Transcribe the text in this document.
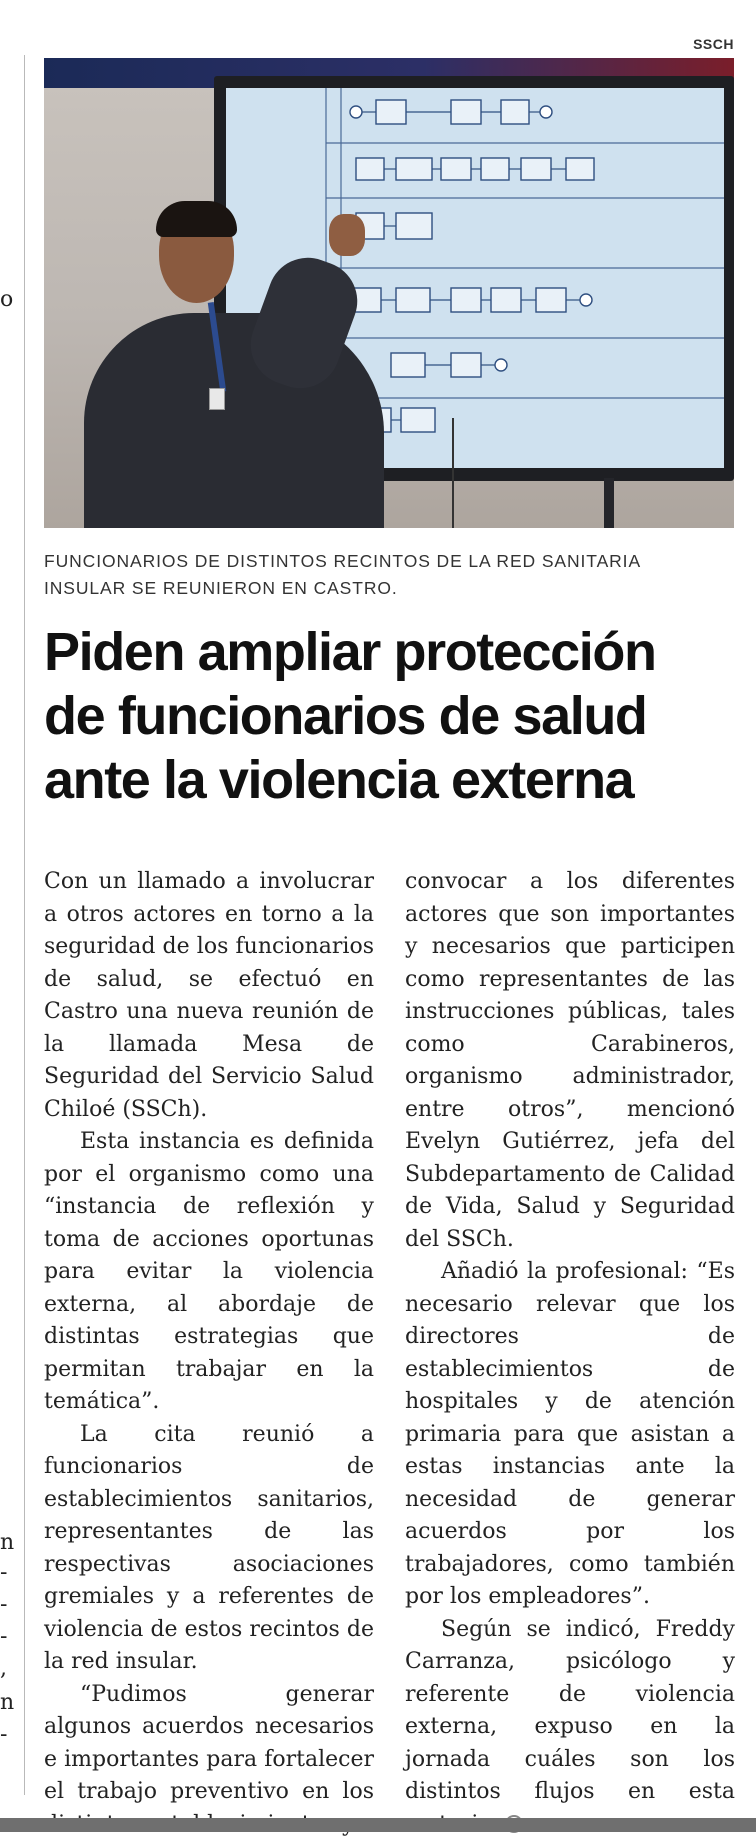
o
n
-
-
-
,
n
-
SSCH
FUNCIONARIOS DE DISTINTOS RECINTOS DE LA RED SANITARIA
INSULAR SE REUNIERON EN CASTRO.
Piden ampliar protección
de funcionarios de salud
ante la violencia externa

Con un llamado a involucrar a otros actores en torno a la seguridad de los funcionarios de salud, se efectuó en Castro una nueva reunión de la llamada Mesa de Seguridad del Servicio Salud Chiloé (SSCh).

Esta instancia es definida por el organismo como una “instancia de reflexión y toma de acciones oportunas para evitar la violencia externa, al abordaje de distintas estrategias que permitan trabajar en la temática”.

La cita reunió a funcionarios de establecimientos sanitarios, representantes de las respectivas asociaciones gremiales y a referentes de violencia de estos recintos de la red insular.

“Pudimos generar algunos acuerdos necesarios e importantes para fortalecer el trabajo preventivo en los

convocar a los diferentes actores que son importantes y necesarios que participen como representantes de las instrucciones públicas, tales como Carabineros, organismo administrador, entre otros”, mencionó Evelyn Gutiérrez, jefa del Subdepartamento de Calidad de Vida, Salud y Seguridad del SSCh.

Añadió la profesional: “Es necesario relevar que los directores de establecimientos de hospitales y de atención primaria para que asistan a estas instancias ante la necesidad de generar acuerdos por los trabajadores, como también por los empleadores”.

Según se indicó, Freddy Carranza, psicólogo y referente de violencia externa, expuso en la jornada cuáles son los distintos flujos en esta
